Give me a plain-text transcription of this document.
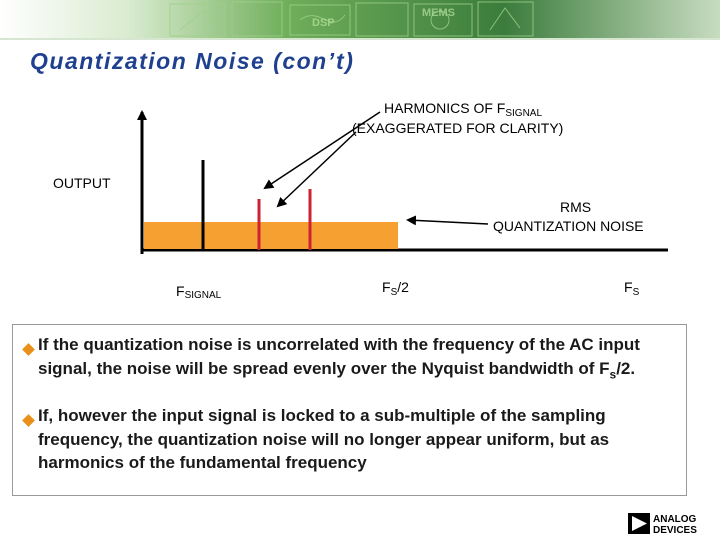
DSP
MEMS
Quantization Noise (con’t)
OUTPUT
HARMONICS OF $F_{SIGNAL}$
(EXAGGERATED FOR CLARITY)
RMS
QUANTIZATION NOISE
FSIGNAL
$F_S/2$	$F_S$
If the quantization noise is uncorrelated with the frequency of the AC input signal, the noise will be spread evenly over the Nyquist bandwidth of $F_s/2$.
If, however the input signal is locked to a sub-multiple of the sampling frequency, the quantization noise will no longer appear uniform, but as harmonics of the fundamental frequency
ANALOG
DEVICES
